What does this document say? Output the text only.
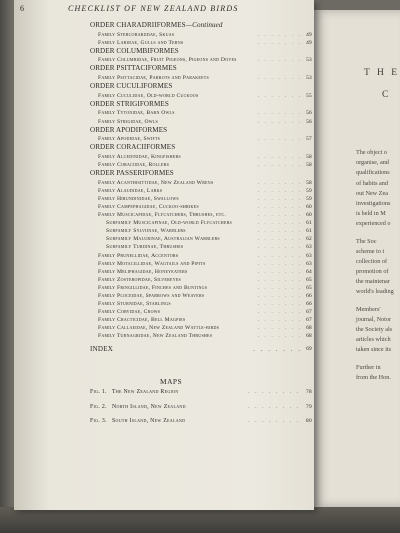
T H E
C
The object o
organise, and
qualifications
of habits and
out New Zea
investigations
is held in M
experienced o
The Soc
scheme to t
collection of
promotion of
the maintenar
world's leading
Members'
journal, Notor
the Society als
articles which
taken since its
Further in
from the Hon.
6	CHECKLIST OF NEW ZEALAND BIRDS
ORDER CHARADRIIFORMES—Continued
Family Stercorariidae, Skuas	. . . . . . . 49
Family Laridae, Gulls and Terns	. . . . . . . 49
ORDER COLUMBIFORMES
Family Columbidae, Fruit Pigeons, Pigeons and Doves	. . . . . . . 53
ORDER PSITTACIFORMES
Family Psittacidae, Parrots and Parakeets	. . . . . . . 53
ORDER CUCULIFORMES
Family Cuculidae, Old-world Cuckoos	. . . . . . . 55
ORDER STRIGIFORMES
Family Tytonidae, Barn Owls	. . . . . . . 56
Family Strigidae, Owls	. . . . . . . 56
ORDER APODIFORMES
Family Apodidae, Swifts	. . . . . . . 57
ORDER CORACIIFORMES
Family Alcedinidae, Kingfishers	. . . . . . . 58
Family Coraciidae, Rollers	. . . . . . . 58
ORDER PASSERIFORMES
Family Acanthisittidae, New Zealand Wrens	. . . . . . . 58
Family Alaudidae, Larks	. . . . . . . 59
Family Hirundinidae, Swallows	. . . . . . . 59
Family Campephagidae, Cuckoo-shrikes	. . . . . . . 60
Family Muscicapidae, Flycatchers, Thrushes, etc.	. . . . . . . 60
Subfamily Muscicapinae, Old-world Flycatchers	. . . . . . . 61
Subfamily Sylviinae, Warblers	. . . . . . . 61
Subfamily Malurinae, Australian Warblers	. . . . . . . 62
Subfamily Turdinae, Thrushes	. . . . . . . 63
Family Prunellidae, Accentors	. . . . . . . 63
Family Motacillidae, Wagtails and Pipits	. . . . . . . 63
Family Meliphagidae, Honeyeaters	. . . . . . . 64
Family Zosteropidae, Silvereyes	. . . . . . . 65
Family Fringillidae, Finches and Buntings	. . . . . . . 65
Family Ploceidae, Sparrows and Weavers	. . . . . . . 66
Family Sturnidae, Starlings	. . . . . . . 66
Family Corvidae, Crows	. . . . . . . 67
Family Cracticidae, Bell Magpies	. . . . . . . 67
Family Callaeidae, New Zealand Wattle-birds	. . . . . . . 68
Family Turnagridae, New Zealand Thrushes	. . . . . . . 68
INDEX	. . . . . . . 69
MAPS
Fig. 1. The New Zealand Region	. . . . . . . . 78
Fig. 2. North Island, New Zealand	. . . . . . . . 79
Fig. 3. South Island, New Zealand	. . . . . . . . 80
